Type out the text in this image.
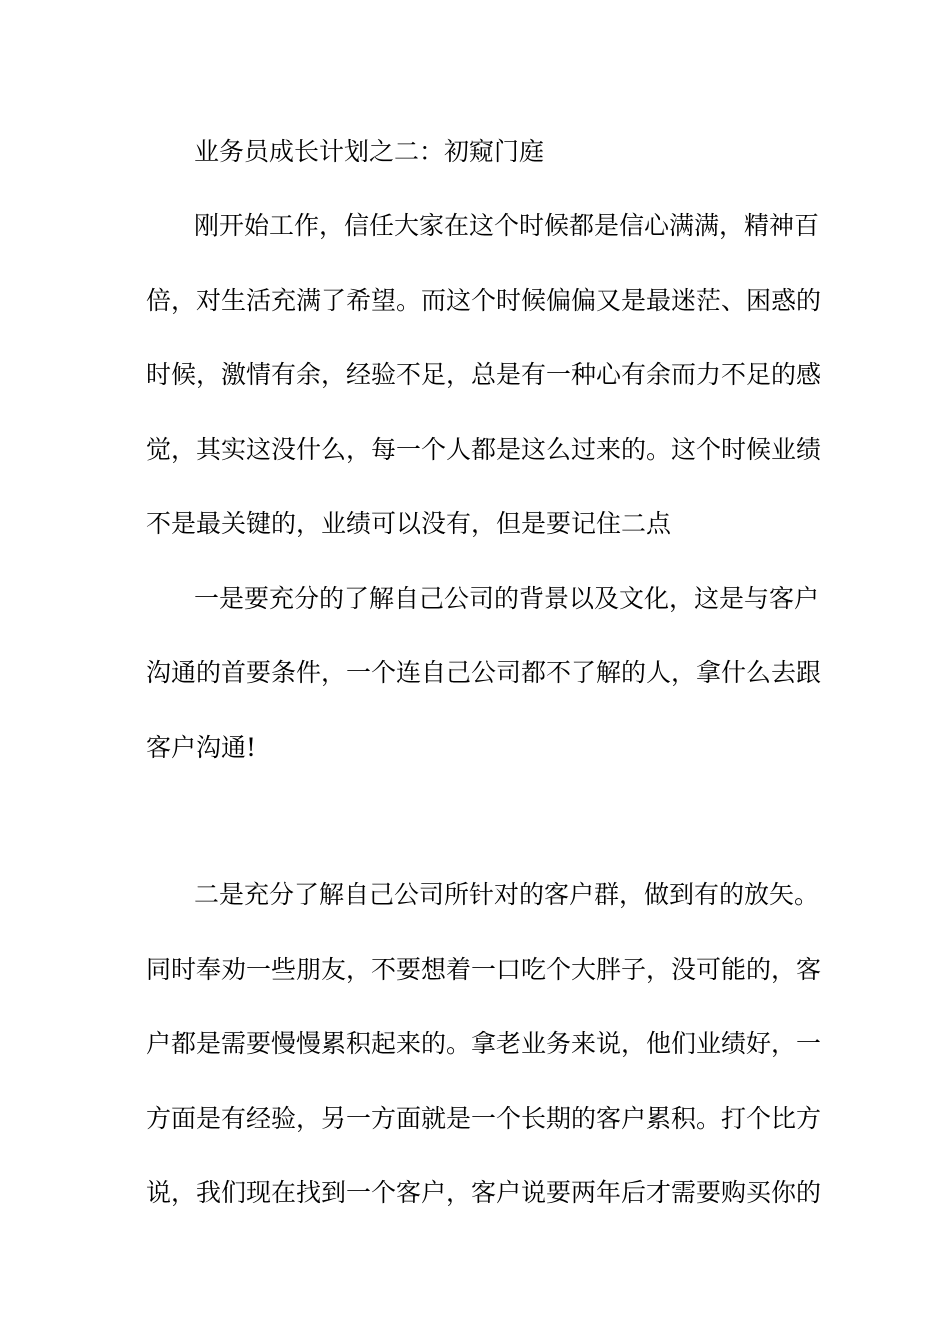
业务员成长计划之二：初窥门庭
刚开始工作，信任大家在这个时候都是信心满满，精神百
倍，对生活充满了希望。而这个时候偏偏又是最迷茫、困惑的
时候，激情有余，经验不足，总是有一种心有余而力不足的感
觉，其实这没什么，每一个人都是这么过来的。这个时候业绩
不是最关键的，业绩可以没有，但是要记住二点
一是要充分的了解自己公司的背景以及文化，这是与客户
沟通的首要条件，一个连自己公司都不了解的人，拿什么去跟
客户沟通!
二是充分了解自己公司所针对的客户群，做到有的放矢。
同时奉劝一些朋友，不要想着一口吃个大胖子，没可能的，客
户都是需要慢慢累积起来的。拿老业务来说，他们业绩好，一
方面是有经验，另一方面就是一个长期的客户累积。打个比方
说，我们现在找到一个客户，客户说要两年后才需要购买你的
